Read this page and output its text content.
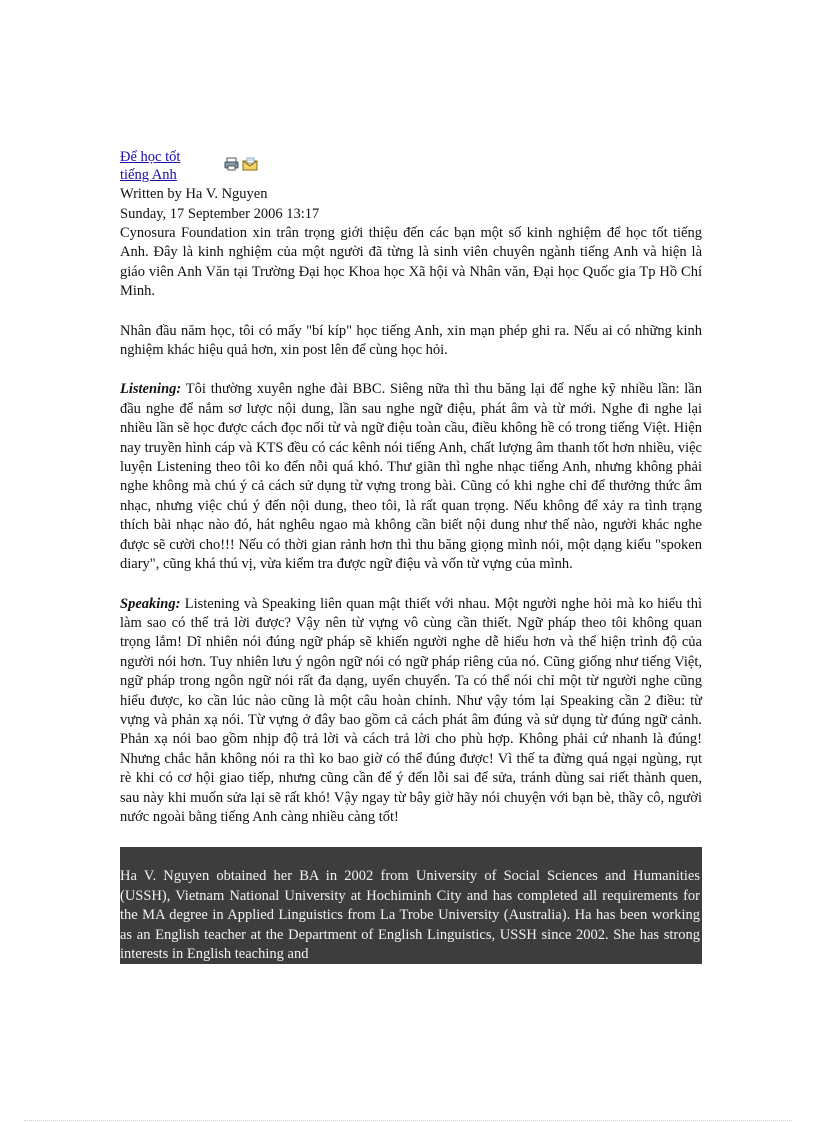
Để học tốt
tiếng Anh
Written by Ha V. Nguyen
Sunday, 17 September 2006 13:17

Cynosura Foundation xin trân trọng giới thiệu đến các bạn một số kinh nghiệm để học tốt tiếng Anh. Đây là kinh nghiệm của một người đã từng là sinh viên chuyên ngành tiếng Anh và hiện là giáo viên Anh Văn tại Trường Đại học Khoa học Xã hội và Nhân văn, Đại học Quốc gia Tp Hồ Chí Minh.

Nhân đầu năm học, tôi có mấy "bí kíp" học tiếng Anh, xin mạn phép ghi ra. Nếu ai có những kinh nghiệm khác hiệu quả hơn, xin post lên để cùng học hỏi.

Listening: Tôi thường xuyên nghe đài BBC. Siêng nữa thì thu băng lại để nghe kỹ nhiều lần: lần đầu nghe để nắm sơ lược nội dung, lần sau nghe ngữ điệu, phát âm và từ mới. Nghe đi nghe lại nhiều lần sẽ học được cách đọc nối từ và ngữ điệu toàn cầu, điều không hề có trong tiếng Việt. Hiện nay truyền hình cáp và KTS đều có các kênh nói tiếng Anh, chất lượng âm thanh tốt hơn nhiều, việc luyện Listening theo tôi ko đến nỗi quá khó. Thư giãn thì nghe nhạc tiếng Anh, nhưng không phải nghe không mà chú ý cả cách sử dụng từ vựng trong bài. Cũng có khi nghe chỉ để thưởng thức âm nhạc, nhưng việc chú ý đến nội dung, theo tôi, là rất quan trọng. Nếu không để xảy ra tình trạng thích bài nhạc nào đó, hát nghêu ngao mà không cần biết nội dung như thế nào, người khác nghe được sẽ cười cho!!! Nếu có thời gian rảnh hơn thì thu băng giọng mình nói, một dạng kiểu "spoken diary", cũng khá thú vị, vừa kiểm tra được ngữ điệu và vốn từ vựng của mình.

Speaking: Listening và Speaking liên quan mật thiết với nhau. Một người nghe hỏi mà ko hiểu thì làm sao có thể trả lời được? Vậy nên từ vựng vô cùng cần thiết. Ngữ pháp theo tôi không quan trọng lắm! Dĩ nhiên nói đúng ngữ pháp sẽ khiến người nghe dễ hiểu hơn và thể hiện trình độ của người nói hơn. Tuy nhiên lưu ý ngôn ngữ nói có ngữ pháp riêng của nó. Cũng giống như tiếng Việt, ngữ pháp trong ngôn ngữ nói rất đa dạng, uyển chuyển. Ta có thể nói chỉ một từ người nghe cũng hiểu được, ko cần lúc nào cũng là một câu hoàn chỉnh. Như vậy tóm lại Speaking cần 2 điều: từ vựng và phản xạ nói. Từ vựng ở đây bao gồm cả cách phát âm đúng và sử dụng từ đúng ngữ cảnh. Phản xạ nói bao gồm nhịp độ trả lời và cách trả lời cho phù hợp. Không phải cứ nhanh là đúng! Nhưng chắc hẳn không nói ra thì ko bao giờ có thể đúng được! Vì thế ta đừng quá ngại ngùng, rụt rè khi có cơ hội giao tiếp, nhưng cũng cần để ý đến lỗi sai để sửa, tránh dùng sai riết thành quen, sau này khi muốn sửa lại sẽ rất khó! Vậy ngay từ bây giờ hãy nói chuyện với bạn bè, thầy cô, người nước ngoài bằng tiếng Anh càng nhiều càng tốt!

Ha V. Nguyen obtained her BA in 2002 from University of Social Sciences and Humanities (USSH), Vietnam National University at Hochiminh City and has completed all requirements for the MA degree in Applied Linguistics from La Trobe University (Australia). Ha has been working as an English teacher at the Department of English Linguistics, USSH since 2002. She has strong interests in English teaching and
